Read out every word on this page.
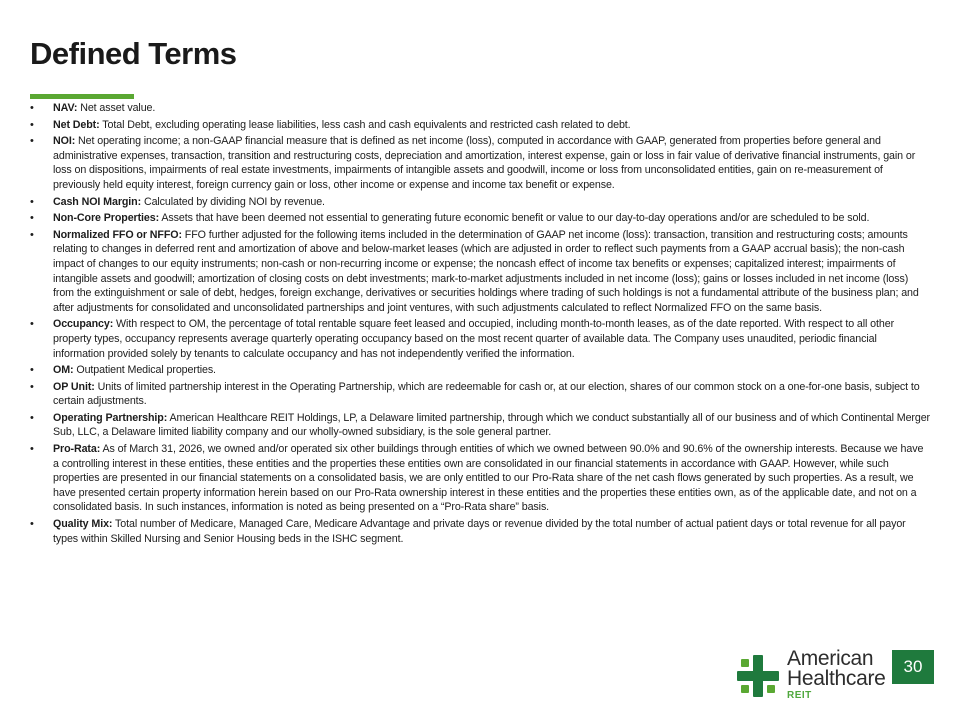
Defined Terms
• NAV: Net asset value.
• Net Debt: Total Debt, excluding operating lease liabilities, less cash and cash equivalents and restricted cash related to debt.
• NOI: Net operating income; a non-GAAP financial measure that is defined as net income (loss), computed in accordance with GAAP, generated from properties before general and administrative expenses, transaction, transition and restructuring costs, depreciation and amortization, interest expense, gain or loss in fair value of derivative financial instruments, gain or loss on dispositions, impairments of real estate investments, impairments of intangible assets and goodwill, income or loss from unconsolidated entities, gain on re-measurement of previously held equity interest, foreign currency gain or loss, other income or expense and income tax benefit or expense.
• Cash NOI Margin: Calculated by dividing NOI by revenue.
• Non-Core Properties: Assets that have been deemed not essential to generating future economic benefit or value to our day-to-day operations and/or are scheduled to be sold.
• Normalized FFO or NFFO: FFO further adjusted for the following items included in the determination of GAAP net income (loss): transaction, transition and restructuring costs; amounts relating to changes in deferred rent and amortization of above and below-market leases (which are adjusted in order to reflect such payments from a GAAP accrual basis); the non-cash impact of changes to our equity instruments; non-cash or non-recurring income or expense; the noncash effect of income tax benefits or expenses; capitalized interest; impairments of intangible assets and goodwill; amortization of closing costs on debt investments; mark-to-market adjustments included in net income (loss); gains or losses included in net income (loss) from the extinguishment or sale of debt, hedges, foreign exchange, derivatives or securities holdings where trading of such holdings is not a fundamental attribute of the business plan; and after adjustments for consolidated and unconsolidated partnerships and joint ventures, with such adjustments calculated to reflect Normalized FFO on the same basis.
• Occupancy: With respect to OM, the percentage of total rentable square feet leased and occupied, including month-to-month leases, as of the date reported. With respect to all other property types, occupancy represents average quarterly operating occupancy based on the most recent quarter of available data. The Company uses unaudited, periodic financial information provided solely by tenants to calculate occupancy and has not independently verified the information.
• OM: Outpatient Medical properties.
• OP Unit: Units of limited partnership interest in the Operating Partnership, which are redeemable for cash or, at our election, shares of our common stock on a one-for-one basis, subject to certain adjustments.
• Operating Partnership: American Healthcare REIT Holdings, LP, a Delaware limited partnership, through which we conduct substantially all of our business and of which Continental Merger Sub, LLC, a Delaware limited liability company and our wholly-owned subsidiary, is the sole general partner.
• Pro-Rata: As of March 31, 2026, we owned and/or operated six other buildings through entities of which we owned between 90.0% and 90.6% of the ownership interests. Because we have a controlling interest in these entities, these entities and the properties these entities own are consolidated in our financial statements in accordance with GAAP. However, while such properties are presented in our financial statements on a consolidated basis, we are only entitled to our Pro-Rata share of the net cash flows generated by such properties. As a result, we have presented certain property information herein based on our Pro-Rata ownership interest in these entities and the properties these entities own, as of the applicable date, and not on a consolidated basis. In such instances, information is noted as being presented on a “Pro-Rata share” basis.
• Quality Mix: Total number of Medicare, Managed Care, Medicare Advantage and private days or revenue divided by the total number of actual patient days or total revenue for all payor types within Skilled Nursing and Senior Housing beds in the ISHC segment.
American
Healthcare
REIT
30
